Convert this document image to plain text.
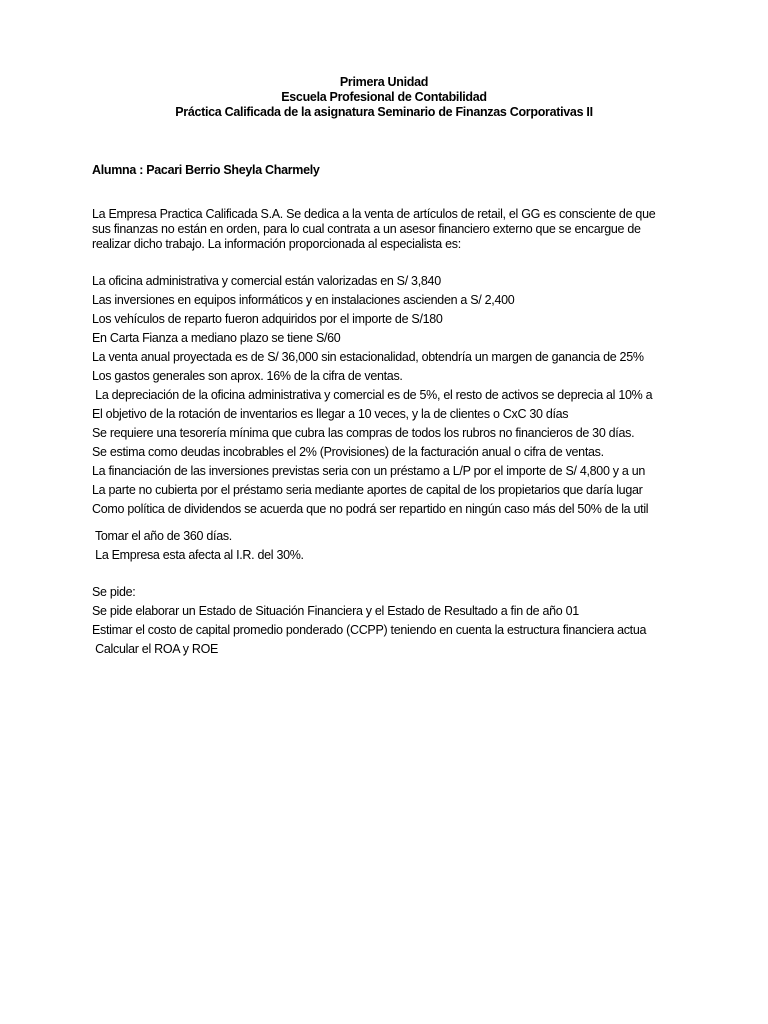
Primera Unidad
Escuela Profesional de Contabilidad
Práctica Calificada de la asignatura Seminario de Finanzas Corporativas II
Alumna : Pacari Berrio Sheyla Charmely
La Empresa Practica Calificada S.A. Se dedica a la venta de artículos de retail, el GG es consciente de que
sus finanzas no están en orden, para lo cual contrata a un asesor financiero externo que se encargue de
realizar dicho trabajo. La información proporcionada al especialista es:
La oficina administrativa y comercial están valorizadas en S/ 3,840
Las inversiones en equipos informáticos y en instalaciones ascienden a S/ 2,400
Los vehículos de reparto fueron adquiridos por el importe de S/180
En Carta Fianza a mediano plazo se tiene S/60
La venta anual proyectada es de S/ 36,000 sin estacionalidad, obtendría un margen de ganancia de 25%
Los gastos generales son aprox. 16% de la cifra de ventas.
La depreciación de la oficina administrativa y comercial es de 5%, el resto de activos se deprecia al 10% a
El objetivo de la rotación de inventarios es llegar a 10 veces, y la de clientes o CxC 30 días
Se requiere una tesorería mínima que cubra las compras de todos los rubros no financieros de 30 días.
Se estima como deudas incobrables el 2% (Provisiones) de la facturación anual o cifra de ventas.
La financiación de las inversiones previstas seria con un préstamo a L/P por el importe de S/ 4,800 y a un
La parte no cubierta por el préstamo seria mediante aportes de capital de los propietarios que daría lugar
Como política de dividendos se acuerda que no podrá ser repartido en ningún caso más del 50% de la util
Tomar el año de 360 días.
La Empresa esta afecta al I.R. del 30%.
Se pide:
Se pide elaborar un Estado de Situación Financiera y el Estado de Resultado a fin de año 01
Estimar el costo de capital promedio ponderado (CCPP) teniendo en cuenta la estructura financiera actua
Calcular el ROA y ROE
